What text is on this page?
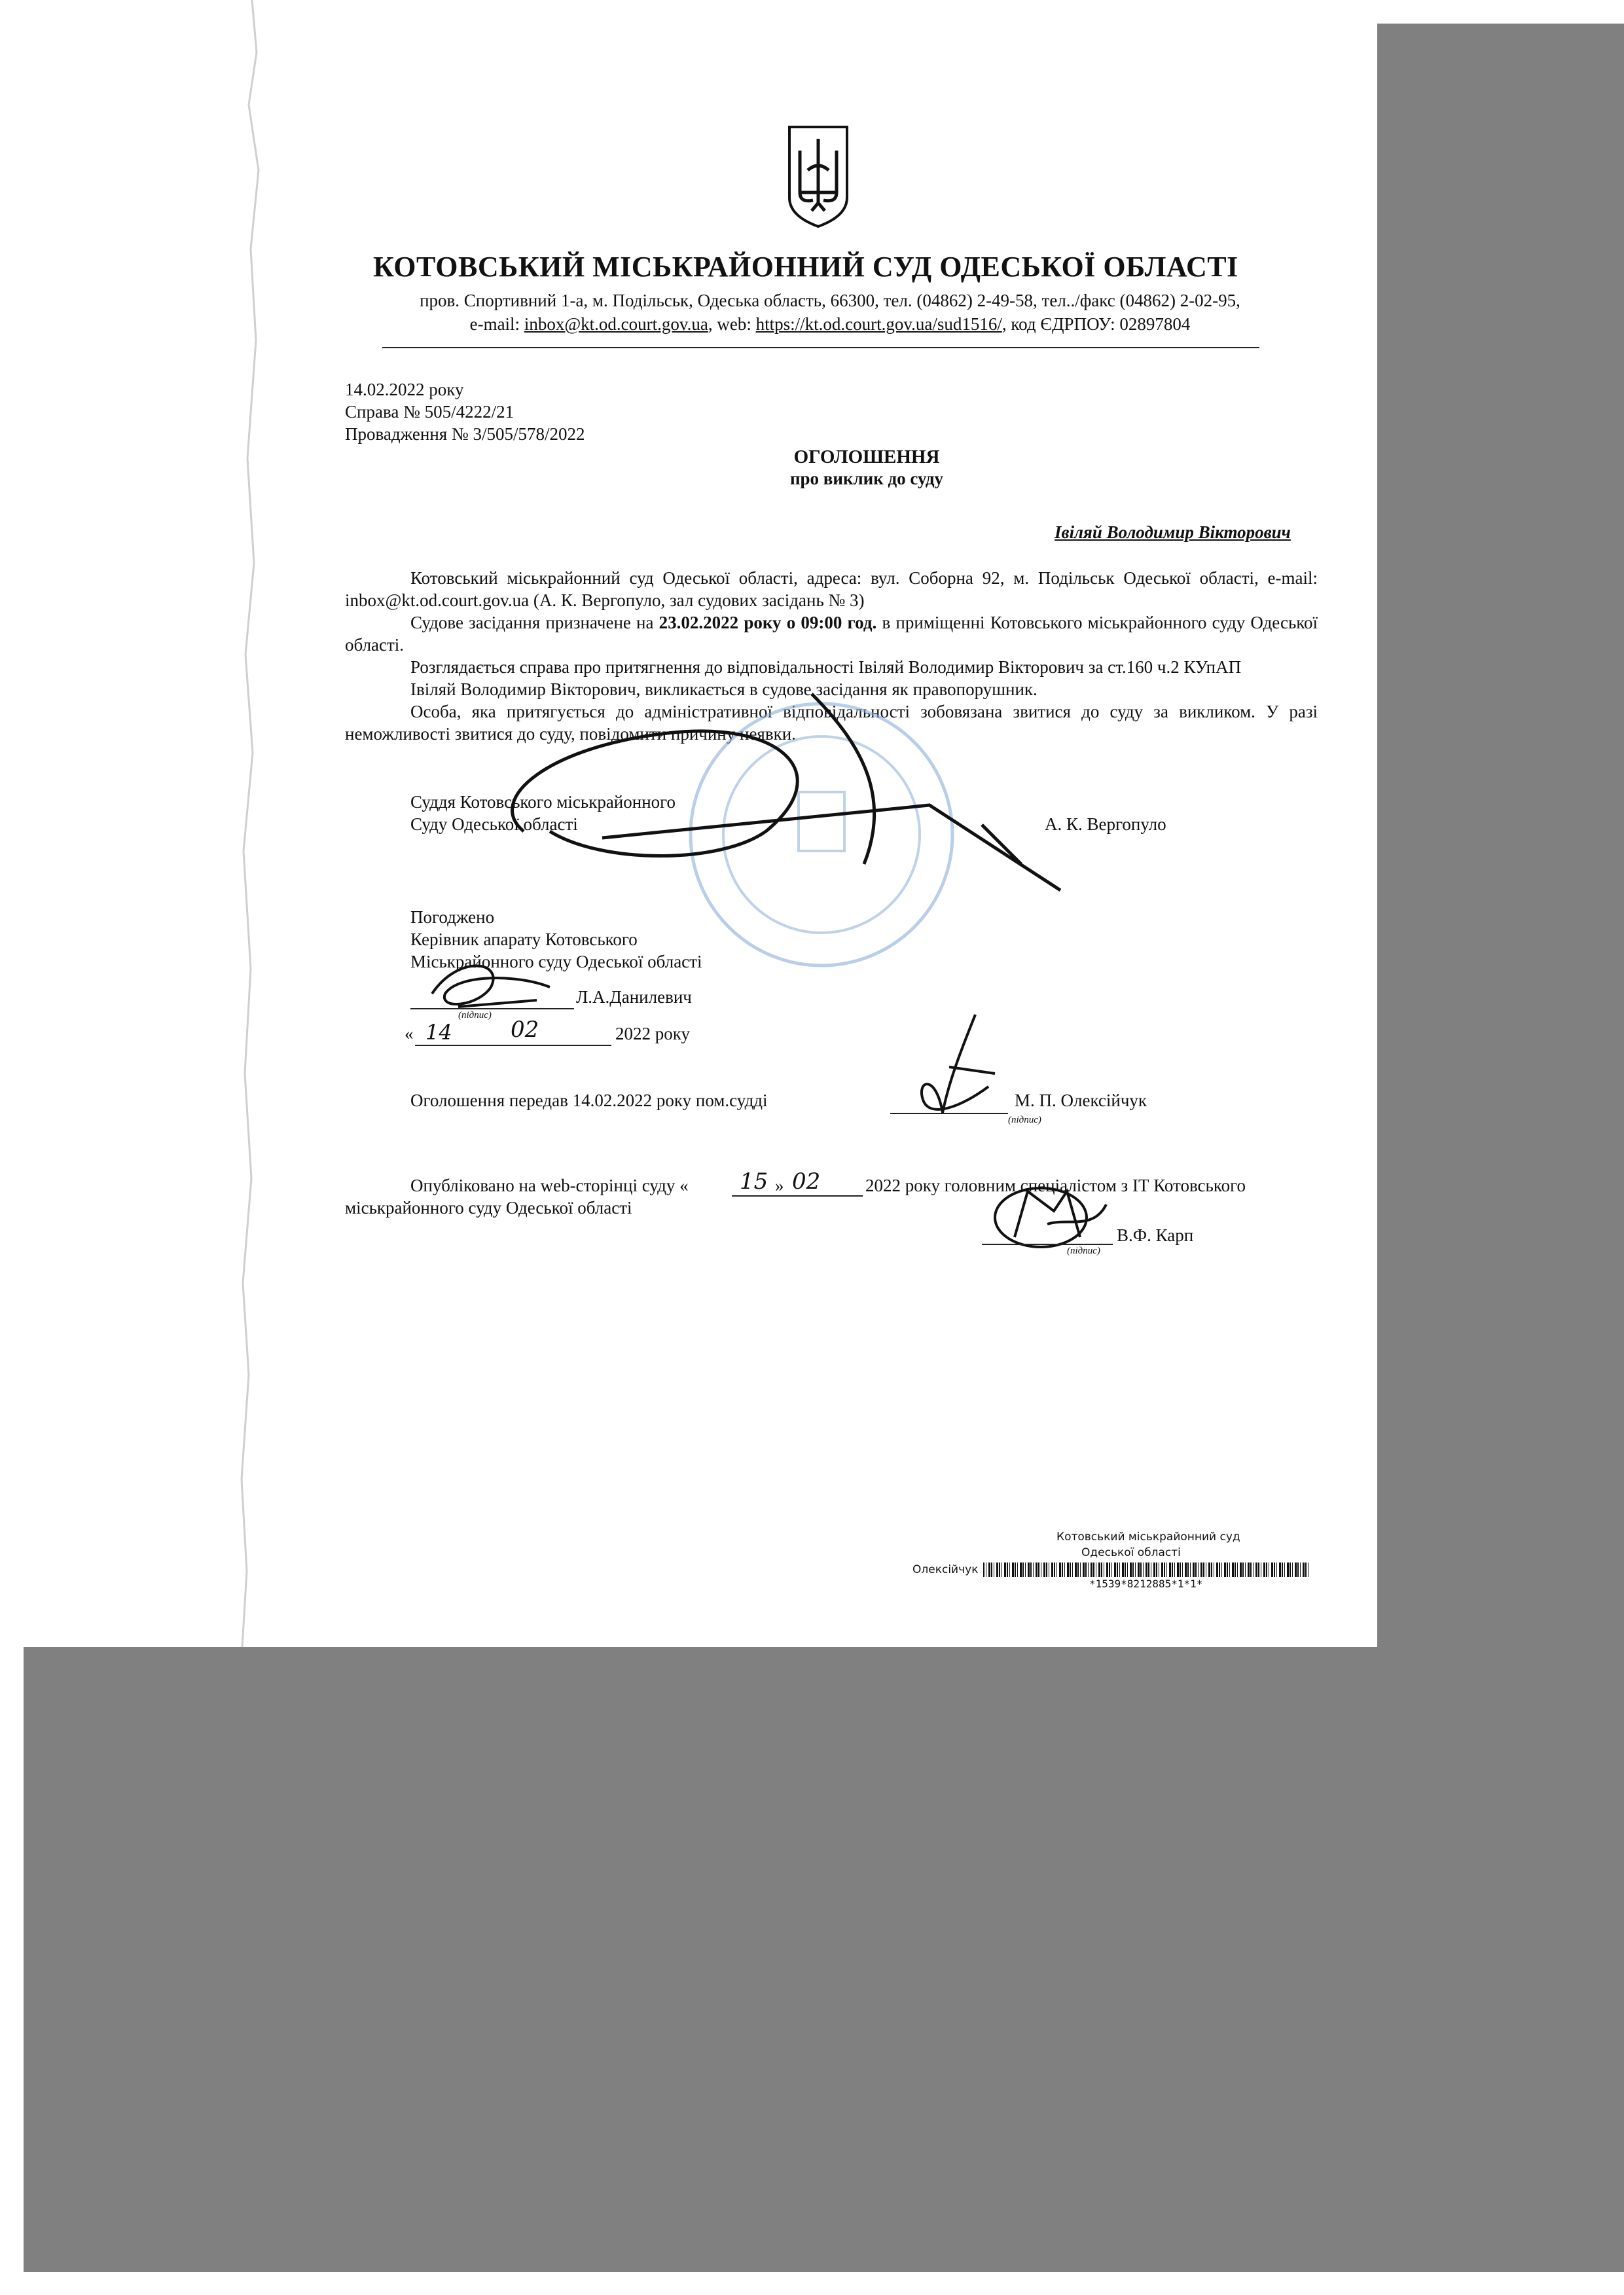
КОТОВСЬКИЙ МІСЬКРАЙОННИЙ СУД ОДЕСЬКОЇ ОБЛАСТІ
пров. Спортивний 1-а, м. Подільськ, Одеська область, 66300, тел. (04862) 2-49-58, тел../факс (04862) 2-02-95,
e-mail: inbox@kt.od.court.gov.ua, web: https://kt.od.court.gov.ua/sud1516/, код ЄДРПОУ: 02897804
14.02.2022 року
Справа № 505/4222/21
Провадження № 3/505/578/2022
ОГОЛОШЕННЯ
про виклик до суду
Івіляй Володимир Вікторович
Котовський міськрайонний суд Одеської області, адреса: вул. Соборна 92, м. Подільськ Одеської області, e-mail: inbox@kt.od.court.gov.ua (А. К. Вергопуло, зал судових засідань № 3)
Судове засідання призначене на 23.02.2022 року о 09:00 год. в приміщенні Котовського міськрайонного суду Одеської області.
Розглядається справа про притягнення до відповідальності Івіляй Володимир Вікторович за ст.160 ч.2 КУпАП
Івіляй Володимир Вікторович, викликається в судове засідання як правопорушник.
Особа, яка притягується до адміністративної відповідальності зобовязана звитися до суду за викликом. У разі неможливості звитися до суду, повідомити причину неявки.
Суддя Котовського міськрайонного
Суду Одеської області	А. К. Вергопуло
Погоджено
Керівник апарату Котовського
Міськрайонного суду Одеської області
(підпис)
Л.А.Данилевич
« 14	02	2022 року
Оголошення передав 14.02.2022 року пом.судді
(підпис)
М. П. Олексійчук
Опубліковано на web-сторінці суду « 15 » 02	2022 року головним спеціалістом з ІТ Котовського
міськрайонного суду Одеської області
(підпис)
В.Ф. Карп
Котовський міськрайонний суд
Одеської області
Олексійчук
*1539*8212885*1*1*
